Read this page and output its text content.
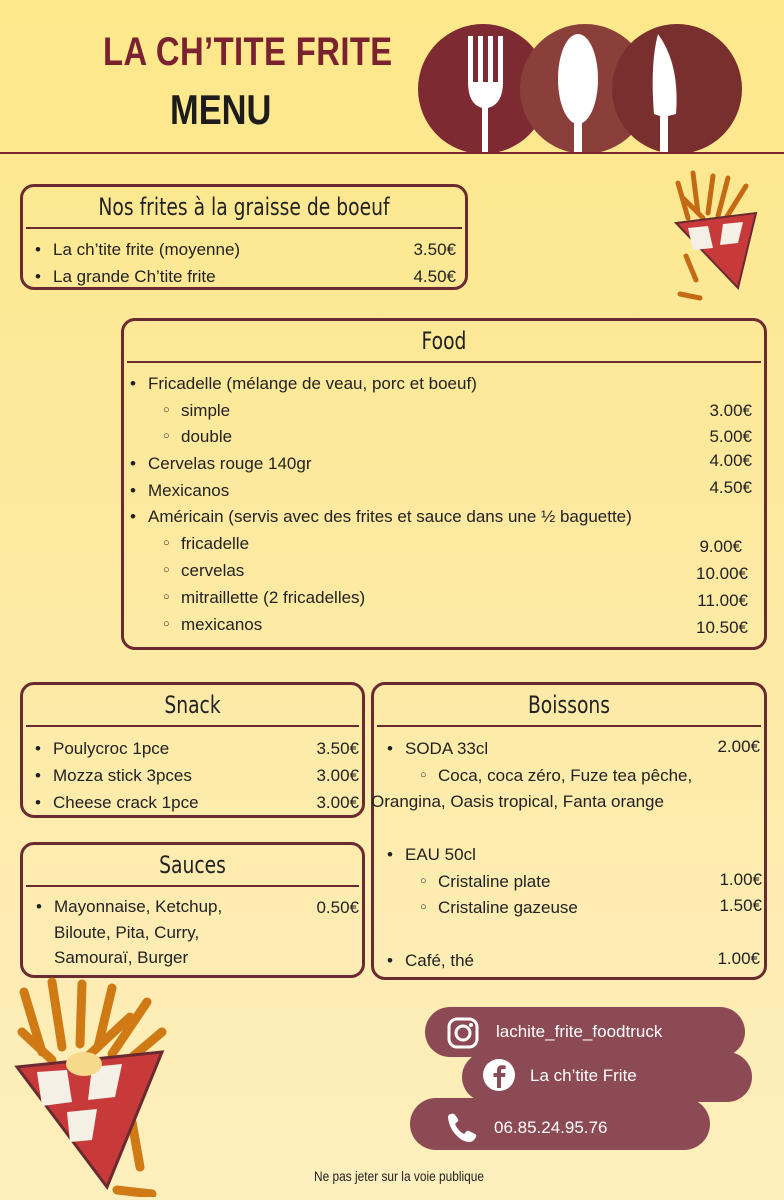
LA CH’TITE FRITE
MENU
Nos frites à la graisse de boeuf
• La ch’tite frite (moyenne)	3.50€
• La grande Ch’tite frite	4.50€
Food
• Fricadelle (mélange de veau, porc et boeuf)
○ simple	3.00€
○ double	5.00€
• Cervelas rouge 140gr	4.00€
• Mexicanos	4.50€
• Américain (servis avec des frites et sauce dans une ½ baguette)
○ fricadelle	9.00€
○ cervelas	10.00€
○ mitraillette (2 fricadelles)	11.00€
○ mexicanos	10.50€
Snack
• Poulycroc 1pce	3.50€
• Mozza stick 3pces	3.00€
• Cheese crack 1pce	3.00€
Sauces
• Mayonnaise, Ketchup,
Biloute, Pita, Curry,
Samouraï, Burger
0.50€
Boissons
• SODA 33cl	2.00€
○ Coca, coca zéro, Fuze tea pêche,
Orangina, Oasis tropical, Fanta orange
• EAU 50cl
○ Cristaline plate	1.00€
○ Cristaline gazeuse	1.50€
• Café, thé	1.00€
lachite_frite_foodtruck
La ch’tite Frite
06.85.24.95.76
Ne pas jeter sur la voie publique
